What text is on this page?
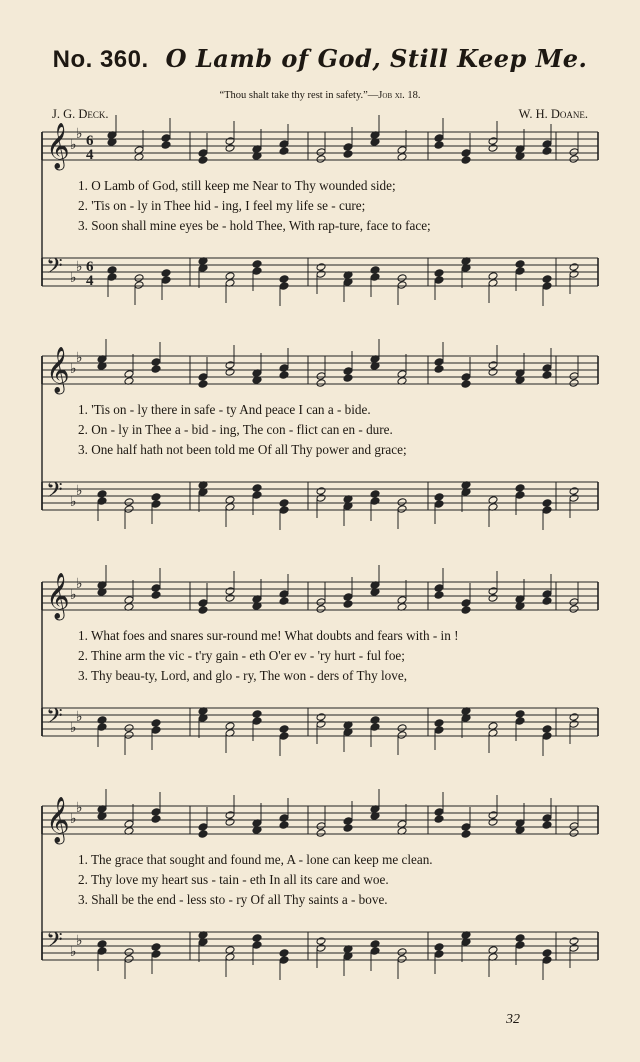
No. 360. O Lamb of God, Still Keep Me.
“Thou shalt take thy rest in safety.”—Job xi. 18.
J. G. Deck.	W. H. Doane.
𝄞 ♭
♭ 6
4
𝄢 ♭
♭ 6
4
1. O Lamb of God, still keep me Near to Thy wounded side;
2. 'Tis on - ly in Thee hid - ing, I feel my life se - cure;
3. Soon shall mine eyes be - hold Thee, With rap-ture, face to face;
𝄞 ♭
♭
𝄢 ♭
♭
1. 'Tis on - ly there in safe - ty And peace I can a - bide.
2. On - ly in Thee a - bid - ing, The con - flict can en - dure.
3. One half hath not been told me Of all Thy power and grace;
𝄞 ♭
♭
𝄢 ♭
♭
1. What foes and snares sur-round me! What doubts and fears with - in !
2. Thine arm the vic - t'ry gain - eth O'er ev - 'ry hurt - ful foe;
3. Thy beau-ty, Lord, and glo - ry, The won - ders of Thy love,
𝄞 ♭
♭
𝄢 ♭
♭
1. The grace that sought and found me, A - lone can keep me clean.
2. Thy love my heart sus - tain - eth In all its care and woe.
3. Shall be the end - less sto - ry Of all Thy saints a - bove.
32
